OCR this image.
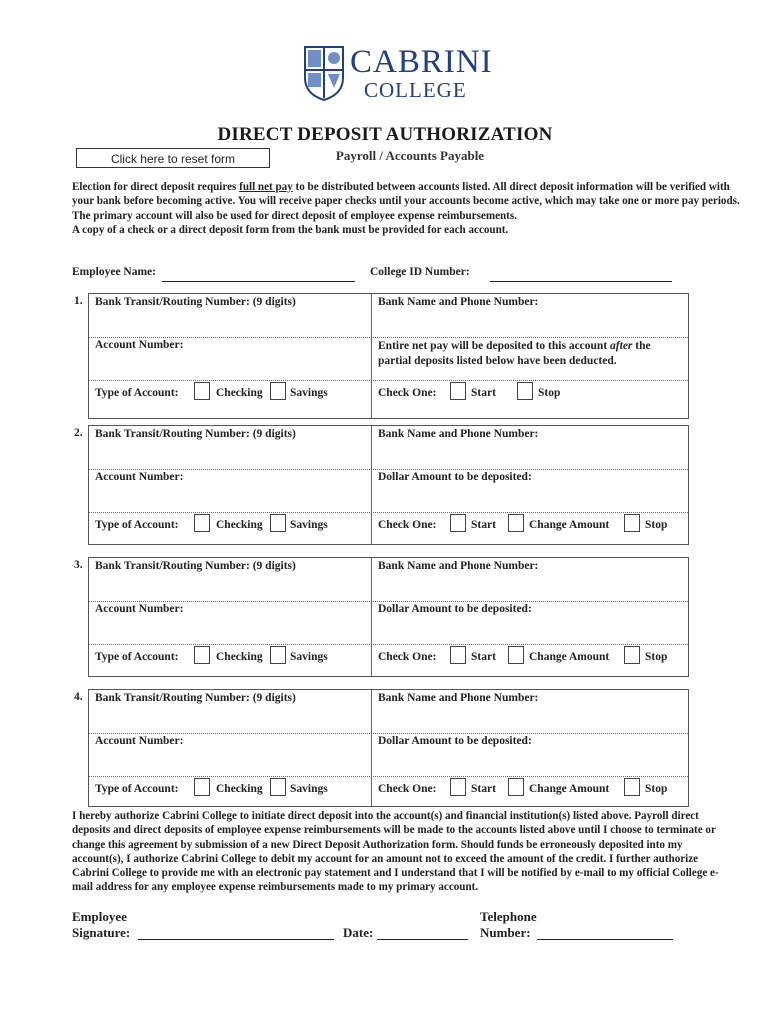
CABRINI
COLLEGE
DIRECT DEPOSIT AUTHORIZATION
Click here to reset form	Payroll / Accounts Payable
Election for direct deposit requires full net pay to be distributed between accounts listed. All direct deposit information will be verified with your bank before becoming active. You will receive paper checks until your accounts become active, which may take one or more pay periods. The primary account will also be used for direct deposit of employee expense reimbursements.
A copy of a check or a direct deposit form from the bank must be provided for each account.
Employee Name:	College ID Number:
1. Bank Transit/Routing Number: (9 digits)	Bank Name and Phone Number:
Account Number:	Entire net pay will be deposited to this account after the partial deposits listed below have been deducted.
Type of Account:	Checking Savings	Check One:	Start	Stop
2. Bank Transit/Routing Number: (9 digits)	Bank Name and Phone Number:
Account Number:	Dollar Amount to be deposited:
Type of Account:	Checking Savings	Check One:	Start	Change Amount	Stop
3. Bank Transit/Routing Number: (9 digits)	Bank Name and Phone Number:
Account Number:	Dollar Amount to be deposited:
Type of Account:	Checking Savings	Check One:	Start	Change Amount	Stop
4. Bank Transit/Routing Number: (9 digits)	Bank Name and Phone Number:
Account Number:	Dollar Amount to be deposited:
Type of Account:	Checking Savings	Check One:	Start	Change Amount	Stop
I hereby authorize Cabrini College to initiate direct deposit into the account(s) and financial institution(s) listed above. Payroll direct deposits and direct deposits of employee expense reimbursements will be made to the accounts listed above until I choose to terminate or change this agreement by submission of a new Direct Deposit Authorization form. Should funds be erroneously deposited into my account(s), I authorize Cabrini College to debit my account for an amount not to exceed the amount of the credit. I further authorize Cabrini College to provide me with an electronic pay statement and I understand that I will be notified by e-mail to my official College e-mail address for any employee expense reimbursements made to my primary account.
Employee
Signature:	Date:
Telephone
Number:
